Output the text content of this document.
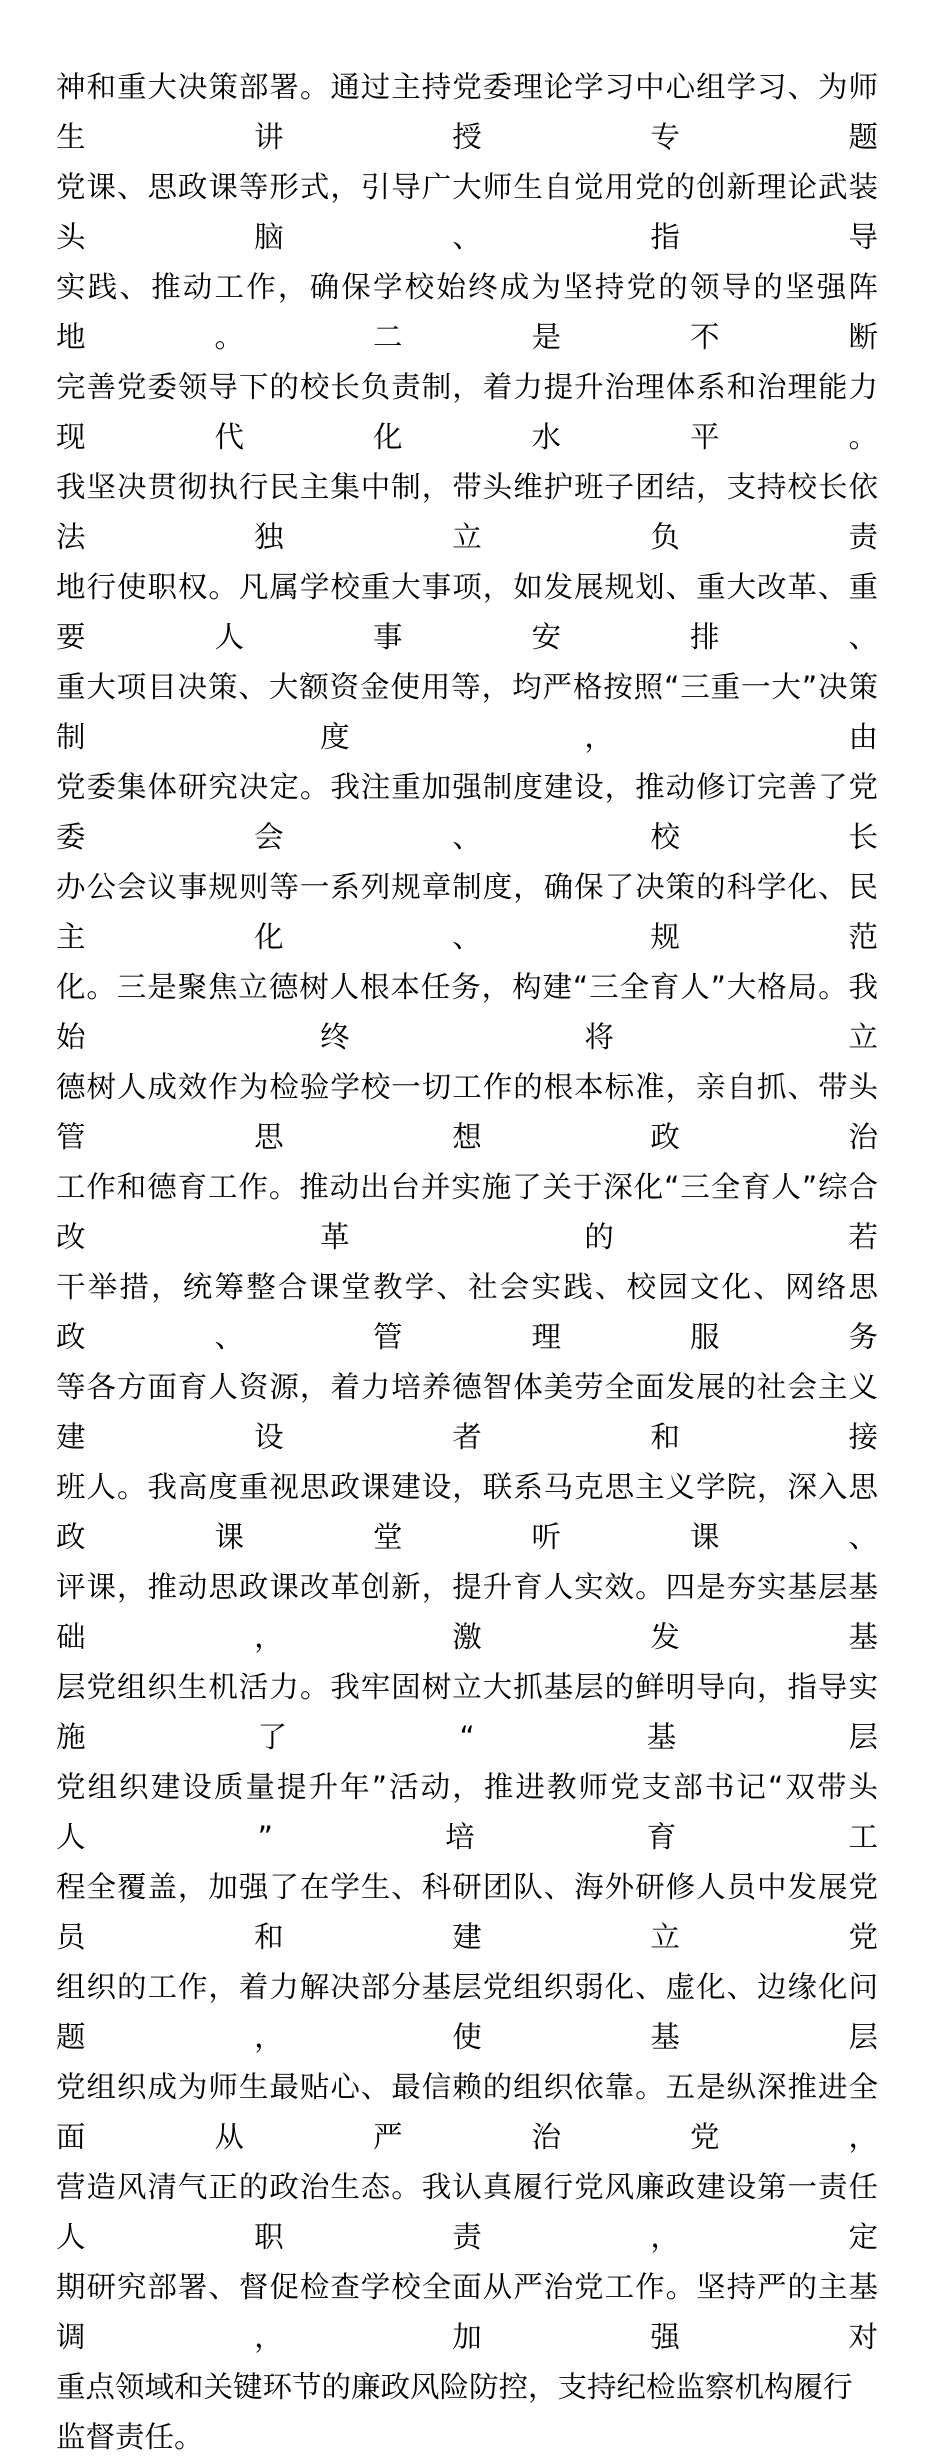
神和重大决策部署。通过主持党委理论学习中心组学习、为师生讲授专题
党课、思政课等形式，引导广大师生自觉用党的创新理论武装头脑、指导
实践、推动工作，确保学校始终成为坚持党的领导的坚强阵地。二是不断
完善党委领导下的校长负责制，着力提升治理体系和治理能力现代化水平。
我坚决贯彻执行民主集中制，带头维护班子团结，支持校长依法独立负责
地行使职权。凡属学校重大事项，如发展规划、重大改革、重要人事安排、
重大项目决策、大额资金使用等，均严格按照“三重一大”决策制度，由
党委集体研究决定。我注重加强制度建设，推动修订完善了党委会、校长
办公会议事规则等一系列规章制度，确保了决策的科学化、民主化、规范
化。三是聚焦立德树人根本任务，构建“三全育人”大格局。我始终将立
德树人成效作为检验学校一切工作的根本标准，亲自抓、带头管思想政治
工作和德育工作。推动出台并实施了关于深化“三全育人”综合改革的若
干举措，统筹整合课堂教学、社会实践、校园文化、网络思政、管理服务
等各方面育人资源，着力培养德智体美劳全面发展的社会主义建设者和接
班人。我高度重视思政课建设，联系马克思主义学院，深入思政课堂听课、
评课，推动思政课改革创新，提升育人实效。四是夯实基层基础，激发基
层党组织生机活力。我牢固树立大抓基层的鲜明导向，指导实施了“基层
党组织建设质量提升年”活动，推进教师党支部书记“双带头人”培育工
程全覆盖，加强了在学生、科研团队、海外研修人员中发展党员和建立党
组织的工作，着力解决部分基层党组织弱化、虚化、边缘化问题，使基层
党组织成为师生最贴心、最信赖的组织依靠。五是纵深推进全面从严治党，
营造风清气正的政治生态。我认真履行党风廉政建设第一责任人职责，定
期研究部署、督促检查学校全面从严治党工作。坚持严的主基调，加强对
重点领域和关键环节的廉政风险防控，支持纪检监察机构履行监督责任。
